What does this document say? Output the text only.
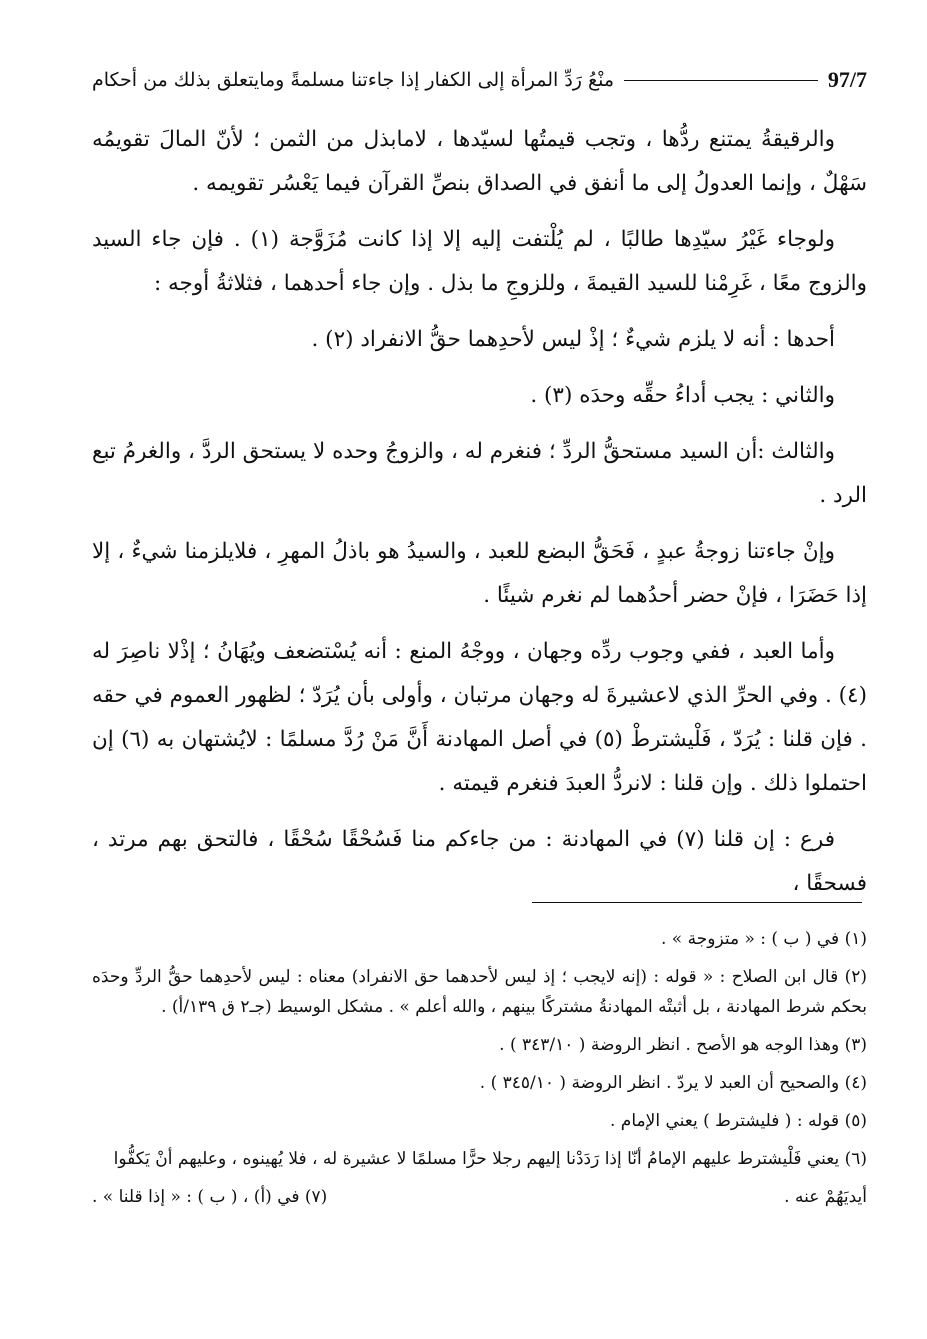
منْعُ رَدِّ المرأة إلى الكفار إذا جاءتنا مسلمةً ومايتعلق بذلك من أحكام	97/7

والرقيقةُ يمتنع ردُّها ، وتجب قيمتُها لسيّدها ، لامابذل من الثمن ؛ لأنّ المالَ تقويمُه سَهْلٌ ، وإنما العدولُ إلى ما أنفق في الصداق بنصِّ القرآن فيما يَعْسُر تقويمه .

ولوجاء غَيْرُ سيّدِها طالبًا ، لم يُلْتفت إليه إلا إذا كانت مُزَوَّجة (١) . فإن جاء السيد والزوج معًا ، غَرِمْنا للسيد القيمةَ ، وللزوجِ ما بذل . وإن جاء أحدهما ، فثلاثةُ أوجه :

أحدها : أنه لا يلزم شيءٌ ؛ إذْ ليس لأحدِهما حقُّ الانفراد (٢) .

والثاني : يجب أداءُ حقِّه وحدَه (٣) .

والثالث :أن السيد مستحقُّ الردِّ ؛ فنغرم له ، والزوجُ وحده لا يستحق الردَّ ، والغرمُ تبع الرد .

وإنْ جاءتنا زوجةُ عبدٍ ، فَحَقُّ البضع للعبد ، والسيدُ هو باذلُ المهرِ ، فلايلزمنا شيءٌ ، إلا إذا حَضَرَا ، فإنْ حضر أحدُهما لم نغرم شيئًا .

وأما العبد ، ففي وجوب ردِّه وجهان ، ووجْهُ المنع : أنه يُسْتضعف ويُهَانُ ؛ إذْلا ناصِرَ له (٤) . وفي الحرِّ الذي لاعشيرةَ له وجهان مرتبان ، وأولى بأن يُرَدّ ؛ لظهور العموم في حقه . فإن قلنا : يُرَدّ ، فَلْيشترطْ (٥) في أصل المهادنة أَنَّ مَنْ رُدَّ مسلمًا : لايُشتهان به (٦) إن احتملوا ذلك . وإن قلنا : لانردُّ العبدَ فنغرم قيمته .

فرع : إن قلنا (٧) في المهادنة : من جاءكم منا فَسُحْقًا سُحْقًا ، فالتحق بهم مرتد ، فسحقًا ،

(١) في ( ب ) : « متزوجة » .
(٢) قال ابن الصلاح : « قوله : (إنه لايجب ؛ إذ ليس لأحدهما حق الانفراد) معناه : ليس لأحدِهما حقُّ الردِّ وحدَه بحكم شرط المهادنة ، بل أثبتْه المهادنةُ مشتركًا بينهم ، والله أعلم » . مشكل الوسيط (جـ٢ ق ١٣٩/أ) .
(٣) وهذا الوجه هو الأصح . انظر الروضة ( ٣٤٣/١٠ ) .
(٤) والصحيح أن العبد لا يردّ . انظر الروضة ( ٣٤٥/١٠ ) .
(٥) قوله : ( فليشترط ) يعني الإمام .
(٦) يعني فَلْيشترط عليهم الإمامُ أنّا إذا رَدَدْنا إليهم رجلا حرًّا مسلمًا لا عشيرة له ، فلا يُهينوه ، وعليهم أنْ يَكفُّوا
أيديَهُمْ عنه .
(٧) في (أ) ، ( ب ) : « إذا قلنا » .
